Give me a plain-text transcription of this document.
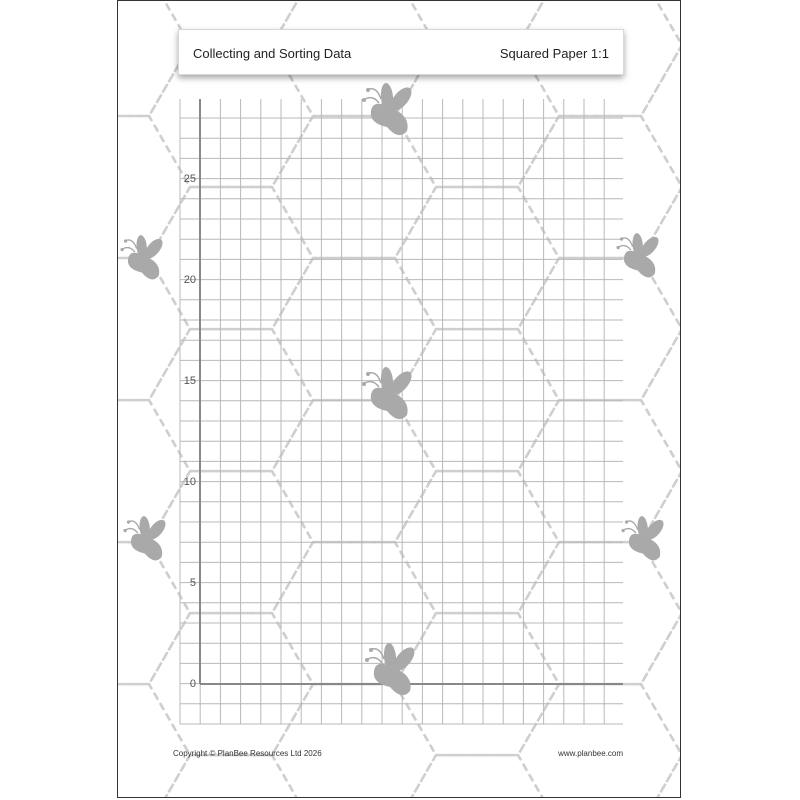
Collecting and Sorting Data	Squared Paper 1:1
25
20
15
10
5
0
Copyright © PlanBee Resources Ltd 2026	www.planbee.com
